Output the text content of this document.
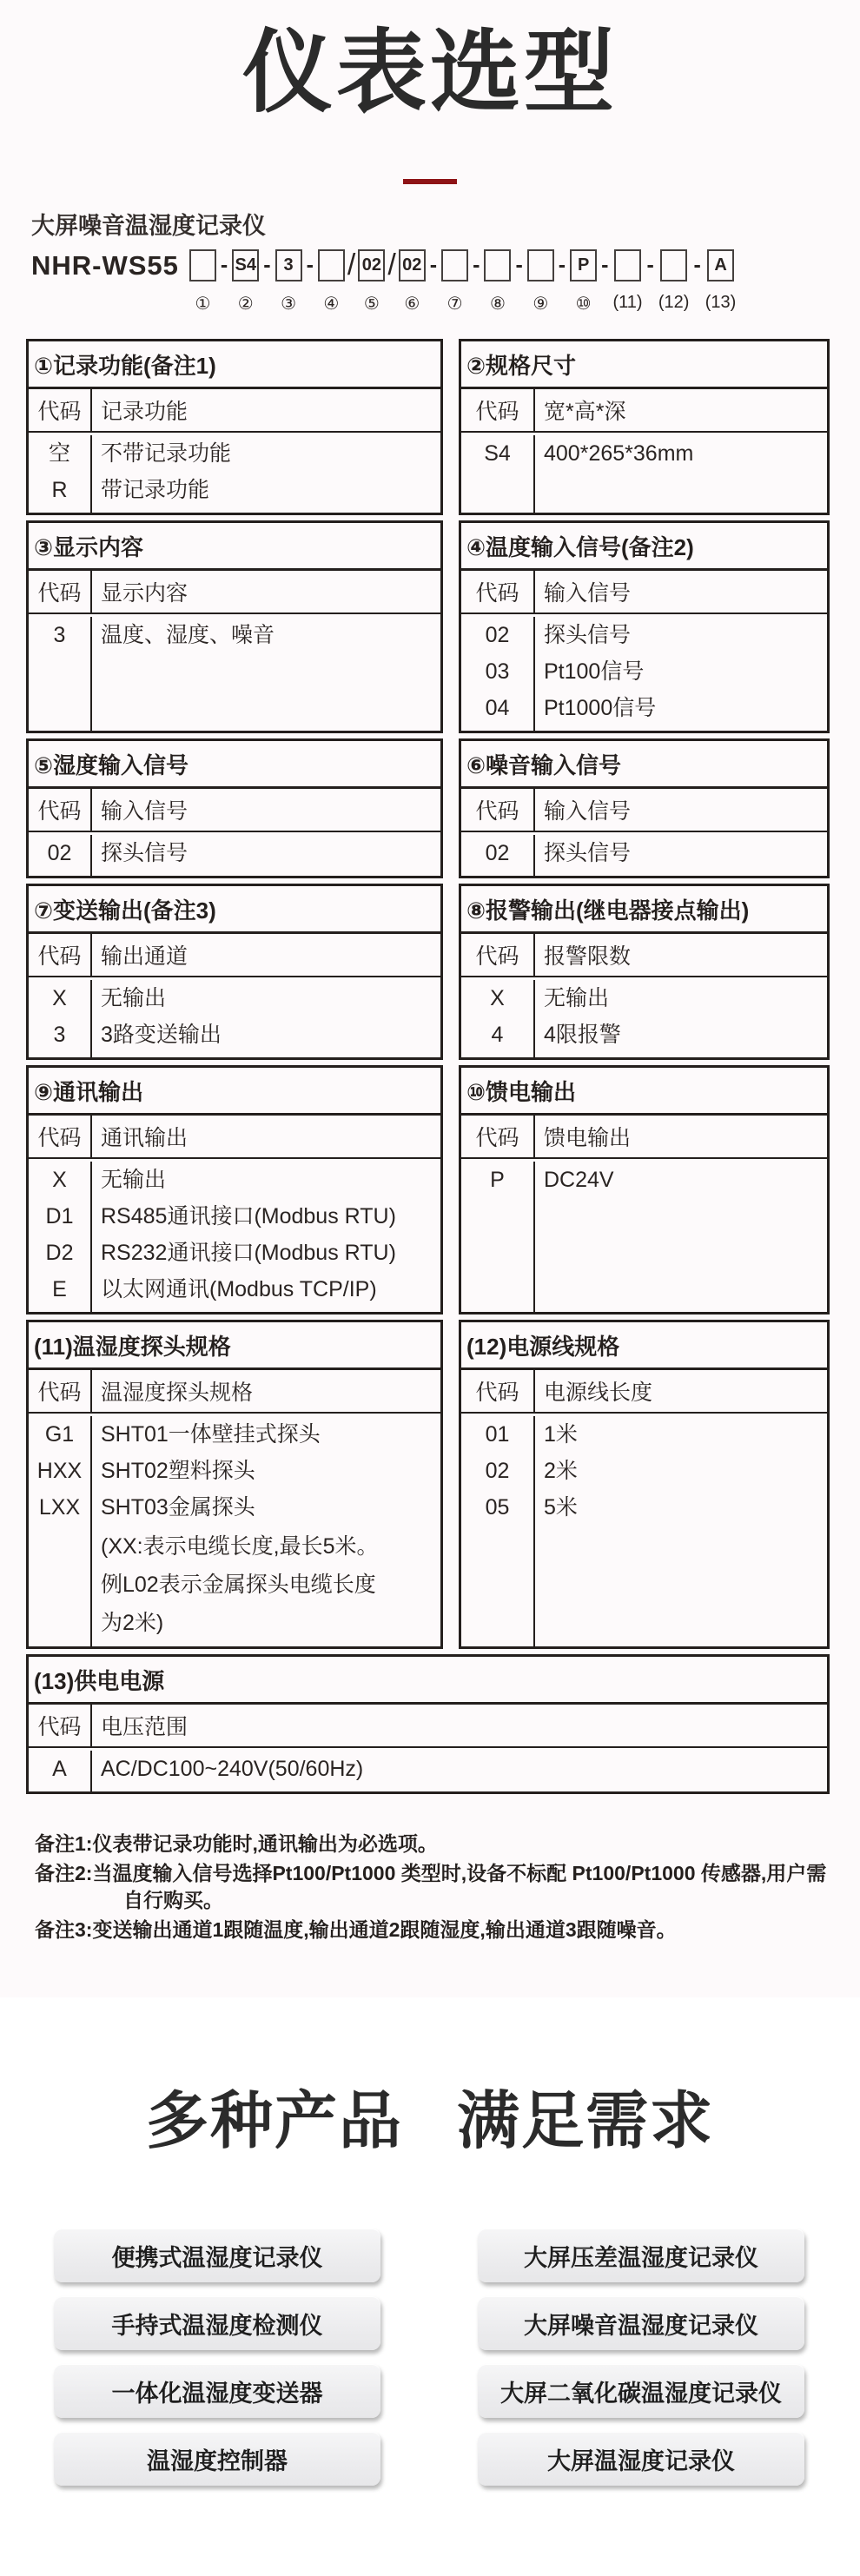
仪表选型
大屏噪音温湿度记录仪
NHR-WS55
①
- S4
②
- 3
③
-
④
/ 02
⑤
/ 02
⑥
-
⑦
-
⑧
-
⑨
- P
⑩
-
(11)
-
(12)
- A
(13)
①记录功能(备注1)
代码 记录功能
空	不带记录功能
R	带记录功能
②规格尺寸
代码	宽*高*深
S4	400*265*36mm
③显示内容
代码 显示内容
3	温度、湿度、噪音
④温度输入信号(备注2)
代码	输入信号
02	探头信号
03	Pt100信号
04	Pt1000信号
⑤湿度输入信号
代码 输入信号
02	探头信号
⑥噪音输入信号
代码	输入信号
02	探头信号
⑦变送输出(备注3)
代码 输出通道
X	无输出
3	3路变送输出
⑧报警输出(继电器接点输出)
代码	报警限数
X	无输出
4	4限报警
⑨通讯输出
代码 通讯输出
X	无输出
D1	RS485通讯接口(Modbus RTU)
D2	RS232通讯接口(Modbus RTU)
E	以太网通讯(Modbus TCP/IP)
⑩馈电输出
代码	馈电输出
P	DC24V
(11)温湿度探头规格
代码 温湿度探头规格
G1	SHT01一体壁挂式探头
HXX SHT02塑料探头
LXX SHT03金属探头
(XX:表示电缆长度,最长5米。例L02表示金属探头电缆长度为2米)
(12)电源线规格
代码	电源线长度
01	1米
02	2米
05	5米
(13)供电电源
代码 电压范围
A	AC/DC100~240V(50/60Hz)
备注1:仪表带记录功能时,通讯输出为必选项。
备注2:当温度输入信号选择Pt100/Pt1000 类型时,设备不标配 Pt100/Pt1000 传感器,用户需自行购买。
备注3:变送输出通道1跟随温度,输出通道2跟随湿度,输出通道3跟随噪音。
多种产品 满足需求
便携式温湿度记录仪
手持式温湿度检测仪
一体化温湿度变送器
温湿度控制器
大屏压差温湿度记录仪
大屏噪音温湿度记录仪
大屏二氧化碳温湿度记录仪
大屏温湿度记录仪
